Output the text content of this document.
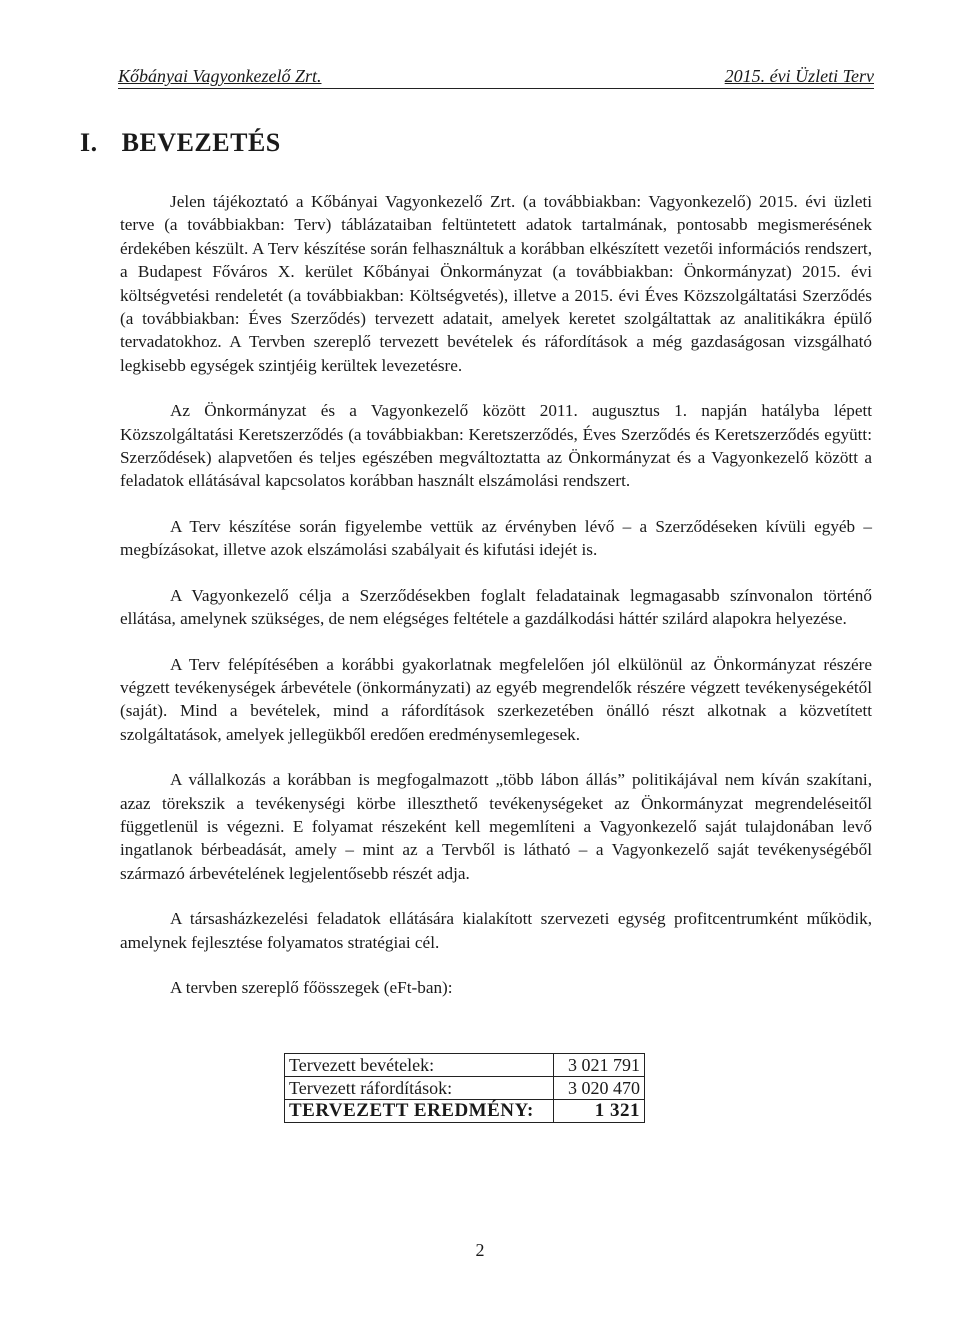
Kőbányai Vagyonkezelő Zrt.	2015. évi Üzleti Terv
I. BEVEZETÉS

Jelen tájékoztató a Kőbányai Vagyonkezelő Zrt. (a továbbiakban: Vagyonkezelő) 2015. évi üzleti terve (a továbbiakban: Terv) táblázataiban feltüntetett adatok tartalmának, pontosabb megismerésének érdekében készült. A Terv készítése során felhasználtuk a korábban elkészített vezetői információs rendszert, a Budapest Főváros X. kerület Kőbányai Önkormányzat (a továbbiakban: Önkormányzat) 2015. évi költségvetési rendeletét (a továbbiakban: Költségvetés), illetve a 2015. évi Éves Közszolgáltatási Szerződés (a továbbiakban: Éves Szerződés) tervezett adatait, amelyek keretet szolgáltattak az analitikákra épülő tervadatokhoz. A Tervben szereplő tervezett bevételek és ráfordítások a még gazdaságosan vizsgálható legkisebb egységek szintjéig kerültek levezetésre.

Az Önkormányzat és a Vagyonkezelő között 2011. augusztus 1. napján hatályba lépett Közszolgáltatási Keretszerződés (a továbbiakban: Keretszerződés, Éves Szerződés és Keretszerződés együtt: Szerződések) alapvetően és teljes egészében megváltoztatta az Önkormányzat és a Vagyonkezelő között a feladatok ellátásával kapcsolatos korábban használt elszámolási rendszert.

A Terv készítése során figyelembe vettük az érvényben lévő – a Szerződéseken kívüli egyéb – megbízásokat, illetve azok elszámolási szabályait és kifutási idejét is.

A Vagyonkezelő célja a Szerződésekben foglalt feladatainak legmagasabb színvonalon történő ellátása, amelynek szükséges, de nem elégséges feltétele a gazdálkodási háttér szilárd alapokra helyezése.

A Terv felépítésében a korábbi gyakorlatnak megfelelően jól elkülönül az Önkormányzat részére végzett tevékenységek árbevétele (önkormányzati) az egyéb megrendelők részére végzett tevékenységekétől (saját). Mind a bevételek, mind a ráfordítások szerkezetében önálló részt alkotnak a közvetített szolgáltatások, amelyek jellegükből eredően eredménysemlegesek.

A vállalkozás a korábban is megfogalmazott „több lábon állás” politikájával nem kíván szakítani, azaz törekszik a tevékenységi körbe illeszthető tevékenységeket az Önkormányzat megrendeléseitől függetlenül is végezni. E folyamat részeként kell megemlíteni a Vagyonkezelő saját tulajdonában levő ingatlanok bérbeadását, amely – mint az a Tervből is látható – a Vagyonkezelő saját tevékenységéből származó árbevételének legjelentősebb részét adja.

A társasházkezelési feladatok ellátására kialakított szervezeti egység profitcentrumként működik, amelynek fejlesztése folyamatos stratégiai cél.

A tervben szereplő főösszegek (eFt-ban):

Tervezett bevételek:	3 021 791
Tervezett ráfordítások:	3 020 470
TERVEZETT EREDMÉNY:	1 321
2
